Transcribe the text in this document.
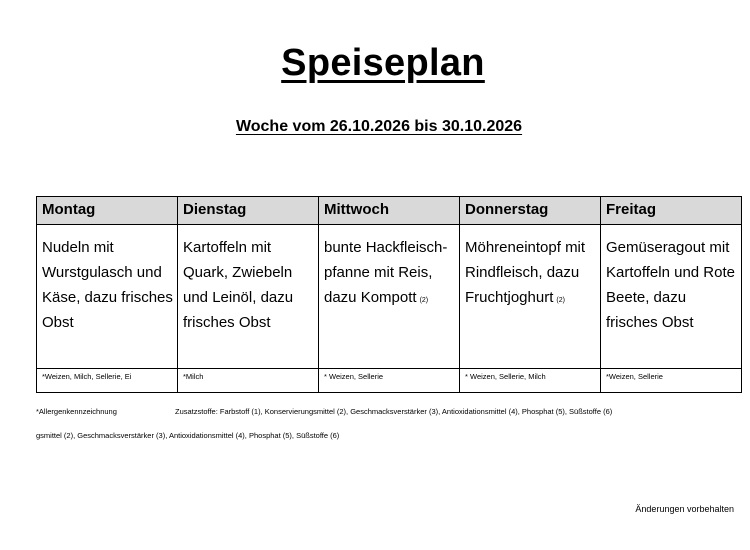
Speiseplan
Woche vom 26.10.2026 bis 30.10.2026
Montag	Dienstag	Mittwoch	Donnerstag	Freitag
Nudeln mit Wurstgulasch und Käse, dazu frisches Obst	Kartoffeln mit Quark, Zwiebeln und Leinöl, dazu frisches Obst	bunte Hackfleisch-pfanne mit Reis, dazu Kompott (2)	Möhreneintopf mit Rindfleisch, dazu Fruchtjoghurt (2)	Gemüseragout mit Kartoffeln und Rote Beete, dazu frisches Obst
*Weizen, Milch, Sellerie, Ei	*Milch	* Weizen, Sellerie	* Weizen, Sellerie, Milch	*Weizen, Sellerie
*Allergenkennzeichnung	Zusatzstoffe: Farbstoff (1), Konservierungsmittel (2), Geschmacksverstärker (3), Antioxidationsmittel (4), Phosphat (5), Süßstoffe (6)
gsmittel (2), Geschmacksverstärker (3), Antioxidationsmittel (4), Phosphat (5), Süßstoffe (6)
Änderungen vorbehalten
